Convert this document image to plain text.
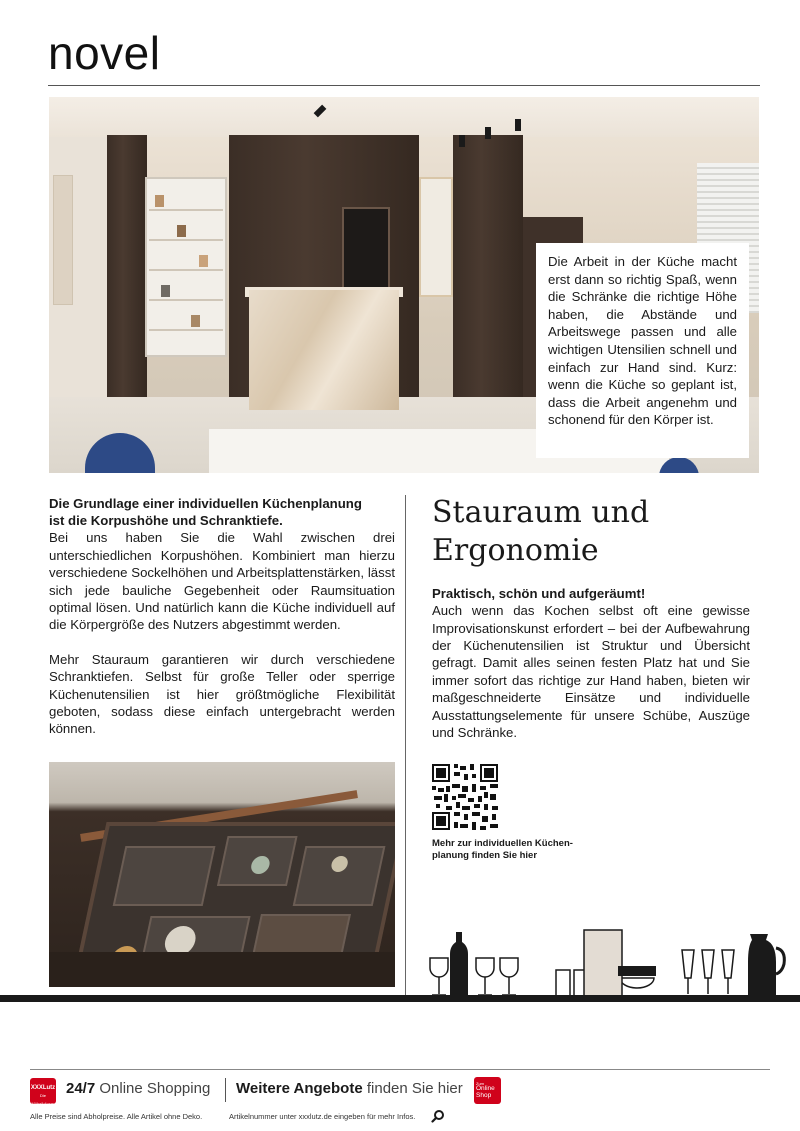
novel
Die Arbeit in der Küche macht erst dann so richtig Spaß, wenn die Schränke die richtige Höhe haben, die Abstände und Arbeitswege passen und alle wichtigen Utensilien schnell und einfach zur Hand sind. Kurz: wenn die Küche so geplant ist, dass die Arbeit angenehm und schonend für den Körper ist.
Die Grundlage einer individuellen Küchenplanung
ist die Korpushöhe und Schranktiefe.

Bei uns haben Sie die Wahl zwischen drei unterschiedlichen Korpushöhen. Kombiniert man hierzu verschiedene Sockelhöhen und Arbeitsplattenstärken, lässt sich jede bauliche Gegebenheit oder Raumsituation optimal lösen. Und natürlich kann die Küche individuell auf die Körpergröße des Nutzers abgestimmt werden.

Mehr Stauraum garantieren wir durch verschiedene Schranktiefen. Selbst für große Teller oder sperrige Küchenutensilien ist hier größtmögliche Flexibilität geboten, sodass diese einfach untergebracht werden können.

Stauraum und
Ergonomie
Praktisch, schön und aufgeräumt!

Auch wenn das Kochen selbst oft eine gewisse Improvisationskunst erfordert – bei der Aufbewahrung der Küchenutensilien ist Struktur und Übersicht gefragt. Damit alles seinen festen Platz hat und Sie immer sofort das richtige zur Hand haben, bieten wir maßgeschneiderte Einsätze und individuelle Ausstattungselemente für unsere Schübe, Auszüge und Schränke.

Mehr zur individuellen Küchen-
planung finden Sie hier
XXXLutz
Die Möbelhäuser
24/7 Online Shopping Weitere Angebote finden Sie hier	Zum
Online
Shop
Alle Preise sind Abholpreise. Alle Artikel ohne Deko.	Artikelnummer unter xxxlutz.de eingeben für mehr Infos.
